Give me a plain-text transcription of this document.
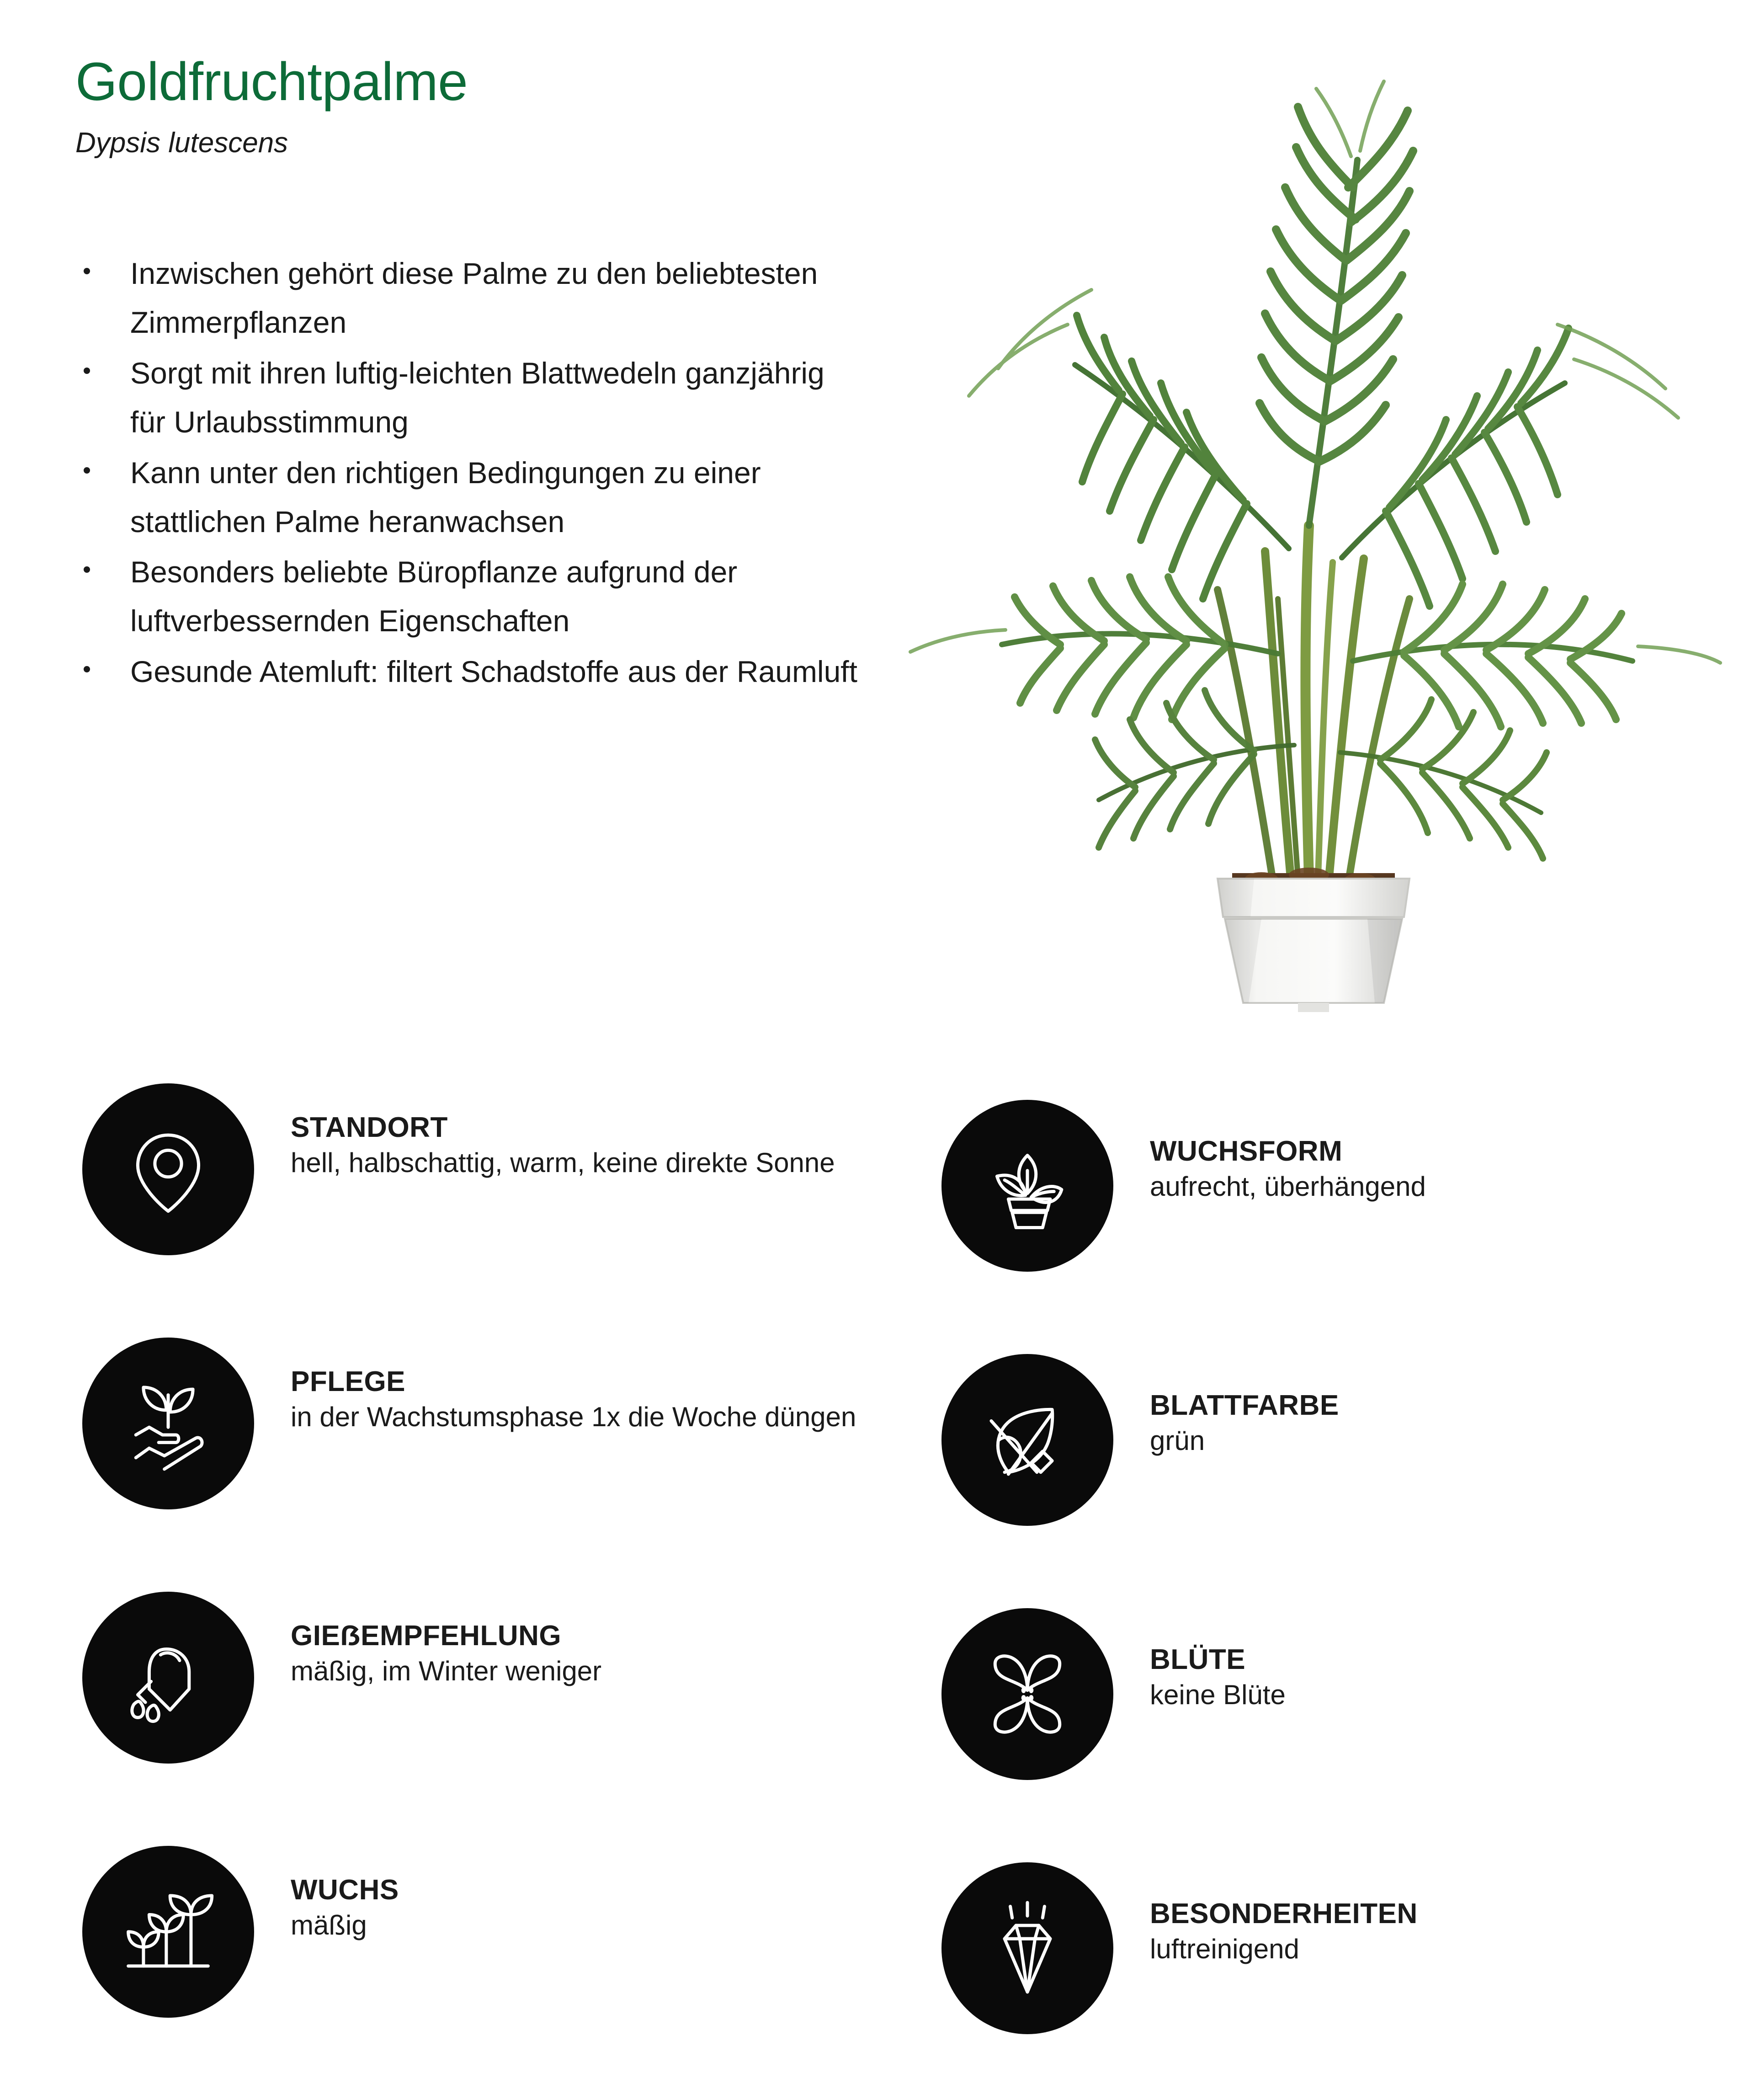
Goldfruchtpalme

Dypsis lutescens

Inzwischen gehört diese Palme zu den beliebtesten Zimmerpflanzen
Sorgt mit ihren luftig-leichten Blattwedeln ganzjährig für Urlaubsstimmung
Kann unter den richtigen Bedingungen zu einer stattlichen Palme heranwachsen
Besonders beliebte Büropflanze aufgrund der luftverbessernden Eigenschaften
Gesunde Atemluft: filtert Schadstoffe aus der Raumluft

STANDORT

hell, halbschattig, warm, keine direkte Sonne	WUCHSFORM

aufrecht, überhängend

PFLEGE

in der Wachstumsphase 1x die Woche düngen	BLATTFARBE

grün

GIEẞEMPFEHLUNG

mäßig, im Winter weniger	BLÜTE

keine Blüte

WUCHS

mäßig	BESONDERHEITEN

luftreinigend
